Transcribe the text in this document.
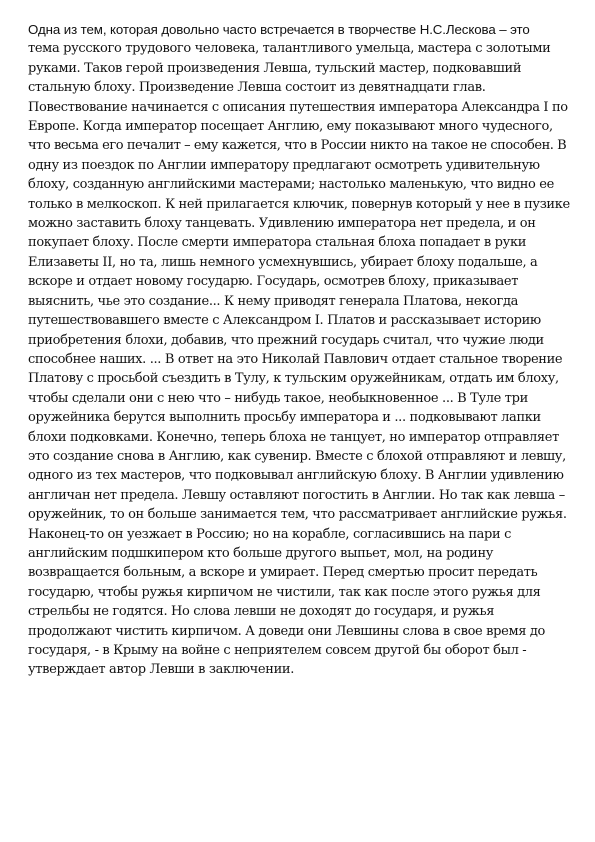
Одна из тем, которая довольно часто встречается в творчестве Н.С.Лескова – это
тема русского трудового человека, талантливого умельца, мастера с золотыми
руками. Таков герой произведения Левша, тульский мастер, подковавший
стальную блоху. Произведение Левша состоит из девятнадцати глав.
Повествование начинается с описания путешествия императора Александра I по
Европе. Когда император посещает Англию, ему показывают много чудесного,
что весьма его печалит – ему кажется, что в России никто на такое не способен. В
одну из поездок по Англии императору предлагают осмотреть удивительную
блоху, созданную английскими мастерами; настолько маленькую, что видно ее
только в мелкоскоп. К ней прилагается ключик, повернув который у нее в пузике
можно заставить блоху танцевать. Удивлению императора нет предела, и он
покупает блоху. После смерти императора стальная блоха попадает в руки
Елизаветы II, но та, лишь немного усмехнувшись, убирает блоху подальше, а
вскоре и отдает новому государю. Государь, осмотрев блоху, приказывает
выяснить, чье это создание... К нему приводят генерала Платова, некогда
путешествовавшего вместе с Александром I. Платов и рассказывает историю
приобретения блохи, добавив, что прежний государь считал, что чужие люди
способнее наших. ... В ответ на это Николай Павлович отдает стальное творение
Платову с просьбой съездить в Тулу, к тульским оружейникам, отдать им блоху,
чтобы сделали они с нею что – нибудь такое, необыкновенное ... В Туле три
оружейника берутся выполнить просьбу императора и ... подковывают лапки
блохи подковками. Конечно, теперь блоха не танцует, но император отправляет
это создание снова в Англию, как сувенир. Вместе с блохой отправляют и левшу,
одного из тех мастеров, что подковывал английскую блоху. В Англии удивлению
англичан нет предела. Левшу оставляют погостить в Англии. Но так как левша –
оружейник, то он больше занимается тем, что рассматривает английские ружья.
Наконец-то он уезжает в Россию; но на корабле, согласившись на пари с
английским подшкипером кто больше другого выпьет, мол, на родину
возвращается больным, а вскоре и умирает. Перед смертью просит передать
государю, чтобы ружья кирпичом не чистили, так как после этого ружья для
стрельбы не годятся. Но слова левши не доходят до государя, и ружья
продолжают чистить кирпичом. А доведи они Левшины слова в свое время до
государя, - в Крыму на войне с неприятелем совсем другой бы оборот был -
утверждает автор Левши в заключении.
